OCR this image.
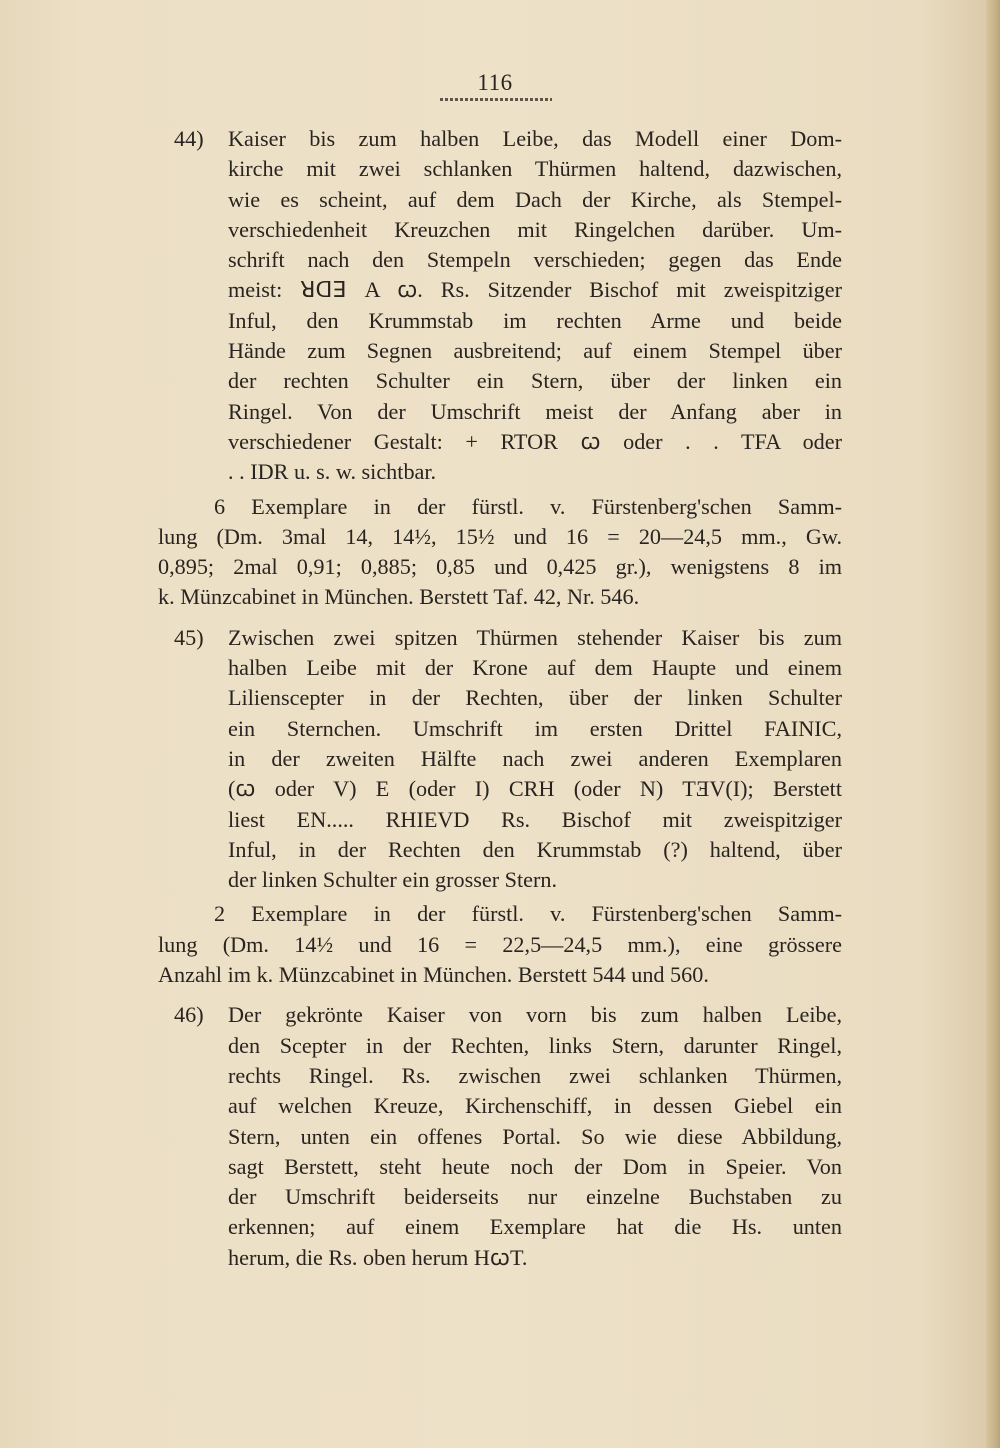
116
44) Kaiser bis zum halben Leibe, das Modell einer Dom-
kirche mit zwei schlanken Thürmen haltend, dazwischen,
wie es scheint, auf dem Dach der Kirche, als Stempel-
verschiedenheit Kreuzchen mit Ringelchen darüber. Um-
schrift nach den Stempeln verschieden; gegen das Ende
meist: ꓤꓷꓱ A ꞷ. Rs. Sitzender Bischof mit zweispitziger
Inful, den Krummstab im rechten Arme und beide
Hände zum Segnen ausbreitend; auf einem Stempel über
der rechten Schulter ein Stern, über der linken ein
Ringel. Von der Umschrift meist der Anfang aber in
verschiedener Gestalt: + RTOR ꞷ oder . . TFA oder
. . IDR u. s. w. sichtbar.
6 Exemplare in der fürstl. v. Fürstenberg'schen Samm-
lung (Dm. 3mal 14, 14½, 15½ und 16 = 20—24,5 mm., Gw.
0,895; 2mal 0,91; 0,885; 0,85 und 0,425 gr.), wenigstens 8 im
k. Münzcabinet in München. Berstett Taf. 42, Nr. 546.
45) Zwischen zwei spitzen Thürmen stehender Kaiser bis zum
halben Leibe mit der Krone auf dem Haupte und einem
Lilienscepter in der Rechten, über der linken Schulter
ein Sternchen. Umschrift im ersten Drittel FAINIC,
in der zweiten Hälfte nach zwei anderen Exemplaren
(ꞷ oder V) E (oder I) CRH (oder N) TƎV(I); Berstett
liest EN..... RHIEVD Rs. Bischof mit zweispitziger
Inful, in der Rechten den Krummstab (?) haltend, über
der linken Schulter ein grosser Stern.
2 Exemplare in der fürstl. v. Fürstenberg'schen Samm-
lung (Dm. 14½ und 16 = 22,5—24,5 mm.), eine grössere
Anzahl im k. Münzcabinet in München. Berstett 544 und 560.
46) Der gekrönte Kaiser von vorn bis zum halben Leibe,
den Scepter in der Rechten, links Stern, darunter Ringel,
rechts Ringel. Rs. zwischen zwei schlanken Thürmen,
auf welchen Kreuze, Kirchenschiff, in dessen Giebel ein
Stern, unten ein offenes Portal. So wie diese Abbildung,
sagt Berstett, steht heute noch der Dom in Speier. Von
der Umschrift beiderseits nur einzelne Buchstaben zu
erkennen; auf einem Exemplare hat die Hs. unten
herum, die Rs. oben herum HꞷT.
